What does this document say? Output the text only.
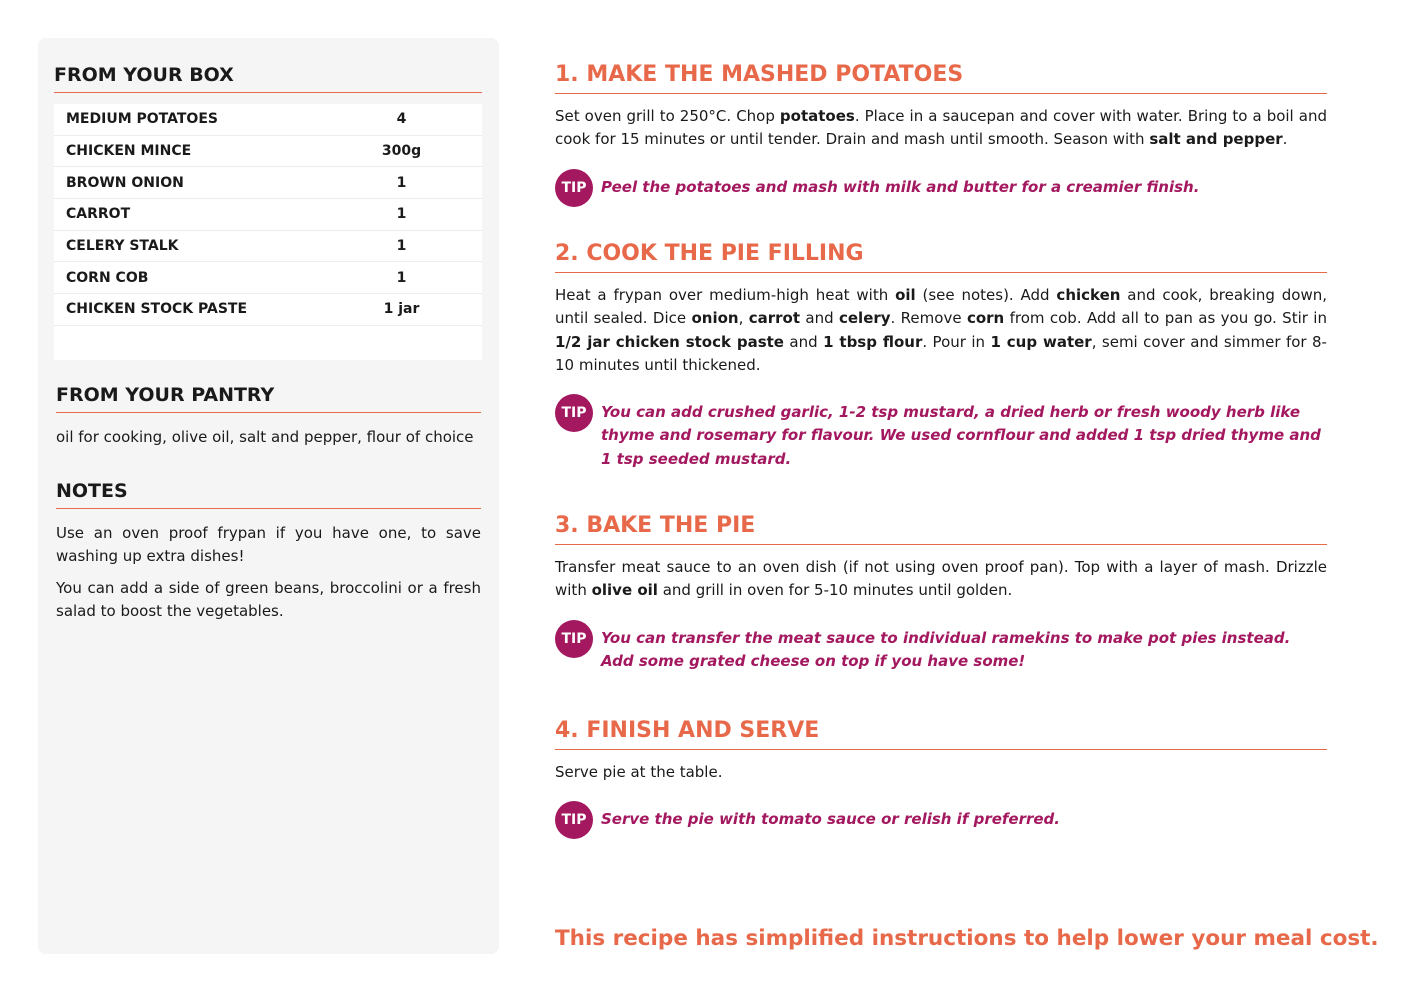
FROM YOUR BOX
MEDIUM POTATOES	4
CHICKEN MINCE	300g
BROWN ONION	1
CARROT	1
CELERY STALK	1
CORN COB	1
CHICKEN STOCK PASTE	1 jar
FROM YOUR PANTRY
oil for cooking, olive oil, salt and pepper, flour of choice
NOTES

Use an oven proof frypan if you have one, to save washing up extra dishes!

You can add a side of green beans, broccolini or a fresh salad to boost the vegetables.

1. MAKE THE MASHED POTATOES
Set oven grill to 250°C. Chop potatoes. Place in a saucepan and cover with water. Bring to a boil and cook for 15 minutes or until tender. Drain and mash until smooth. Season with salt and pepper.
TIP Peel the potatoes and mash with milk and butter for a creamier finish.
2. COOK THE PIE FILLING
Heat a frypan over medium-high heat with oil (see notes). Add chicken and cook, breaking down, until sealed. Dice onion, carrot and celery. Remove corn from cob. Add all to pan as you go. Stir in 1/2 jar chicken stock paste and 1 tbsp flour. Pour in 1 cup water, semi cover and simmer for 8-10 minutes until thickened.
TIP You can add crushed garlic, 1-2 tsp mustard, a dried herb or fresh woody herb like thyme and rosemary for flavour. We used cornflour and added 1 tsp dried thyme and 1 tsp seeded mustard.
3. BAKE THE PIE
Transfer meat sauce to an oven dish (if not using oven proof pan). Top with a layer of mash. Drizzle with olive oil and grill in oven for 5-10 minutes until golden.
TIP You can transfer the meat sauce to individual ramekins to make pot pies instead. Add some grated cheese on top if you have some!
4. FINISH AND SERVE
Serve pie at the table.
TIP Serve the pie with tomato sauce or relish if preferred.
This recipe has simplified instructions to help lower your meal cost.
